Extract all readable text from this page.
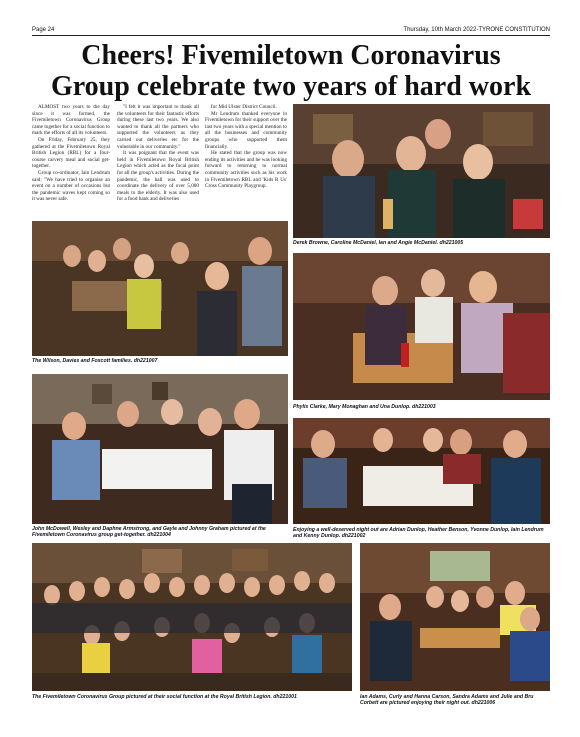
Page 24	Thursday, 10th March 2022-TYRONE CONSTITUTION
Cheers! Fivemiletown Coronavirus
Group celebrate two years of hard work

ALMOST two years to the day since it was formed, the Fivemiletown Coronavirus Group came together for a social function to mark the efforts of all its volunteers.

On Friday, February 25, they gathered at the Fivemiletown Royal British Legion (RBL) for a four-course carvery meal and social get-together.

Group co-ordinator, Iain Lendrum said: "We have tried to organise an event on a number of occasions but the pandemic waves kept coming so it was never safe.

"I felt it was important to thank all the volunteers for their fantastic efforts during these last two years. We also wanted to thank all the partners who supported the volunteers as they carried out deliveries etc for the vulnerable in our community."

It was poignant that the event was held in Fivemiletown Royal British Legion which acted as the focal point for all the group's activities. During the pandemic, the hall was used to coordinate the delivery of over 5,000 meals to the elderly. It was also used for a food bank and deliveries

for Mid Ulster District Council.

Mr Lendrum thanked everyone in Fivemiletown for their support over the last two years with a special mention to all the businesses and community groups who supported them financially.

He stated that the group was now ending its activities and he was looking forward to returning to normal community activities such as his work in Fivemiletown RBL and 'Kids R Us' Cross Community Playgroup.

Derek Browne, Caroline McDaniel, Ian and Angie McDaniel. dh221005
The Wilson, Davies and Foxcott families. dh221007
Phylis Clarke, Mary Monaghan and Una Dunlop. dh221003
John McDowell, Wesley and Daphne Armstrong, and Gayle and Johnny Graham pictured at the Fivemiletown Coronavirus group get-together. dh221004
Enjoying a well-deserved night out are Adrian Dunlop, Heather Benson, Yvonne Dunlop, Iain Lendrum and Kenny Dunlop. dh221002
The Fivemiletown Coronavirus Group pictured at their social function at the Royal British Legion. dh221001	Ian Adams, Curly and Hanna Carson, Sandra Adams and Julie and Bru Corbett are pictured enjoying their night out. dh221006
